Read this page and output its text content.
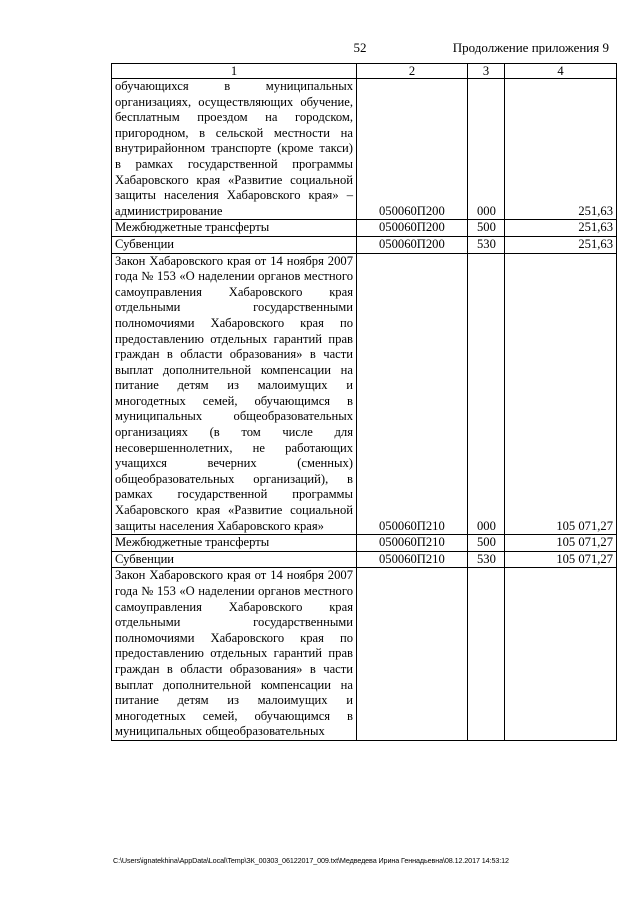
52	Продолжение приложения 9
1	2	3	4
обучающихся в муниципальных организациях, осуществляющих обучение, бесплатным проездом на городском, пригородном, в сельской местности на внутрирайонном транспорте (кроме такси) в рамках государственной программы Хабаровского края «Развитие социальной защиты населения Хабаровского края» – администрирование	050060П200	000	251,63
Межбюджетные трансферты	050060П200	500	251,63
Субвенции	050060П200	530	251,63
Закон Хабаровского края от 14 ноября 2007 года № 153 «О наделении органов местного самоуправления Хабаровского края отдельными государственными полномочиями Хабаровского края по предоставлению отдельных гарантий прав граждан в области образования» в части выплат дополнительной компенсации на питание детям из малоимущих и многодетных семей, обучающимся в муниципальных общеобразовательных организациях (в том числе для несовершеннолетних, не работающих учащихся вечерних (сменных) общеобразовательных организаций), в рамках государственной программы Хабаровского края «Развитие социальной защиты населения Хабаровского края»	050060П210	000	105 071,27
Межбюджетные трансферты	050060П210	500	105 071,27
Субвенции	050060П210	530	105 071,27
Закон Хабаровского края от 14 ноября 2007 года № 153 «О наделении органов местного самоуправления Хабаровского края отдельными государственными полномочиями Хабаровского края по предоставлению отдельных гарантий прав граждан в области образования» в части выплат дополнительной компенсации на питание детям из малоимущих и многодетных семей, обучающимся в муниципальных общеобразовательных			
C:\Users\ignatekhina\AppData\Local\Temp\ЗК_00303_06122017_009.txt\Медведева Ирина Геннадьевна\08.12.2017 14:53:12
